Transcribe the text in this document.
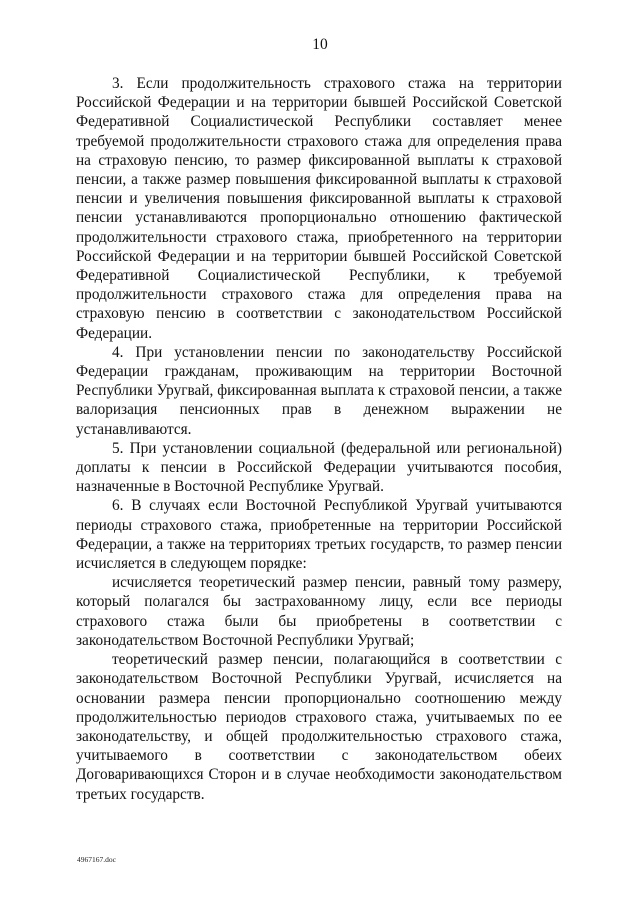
10

3. Если продолжительность страхового стажа на территории Российской Федерации и на территории бывшей Российской Советской Федеративной Социалистической Республики составляет менее требуемой продолжительности страхового стажа для определения права на страховую пенсию, то размер фиксированной выплаты к страховой пенсии, а также размер повышения фиксированной выплаты к страховой пенсии и увеличения повышения фиксированной выплаты к страховой пенсии устанавливаются пропорционально отношению фактической продолжительности страхового стажа, приобретенного на территории Российской Федерации и на территории бывшей Российской Советской Федеративной Социалистической Республики, к требуемой продолжительности страхового стажа для определения права на страховую пенсию в соответствии с законодательством Российской Федерации.

4. При установлении пенсии по законодательству Российской Федерации гражданам, проживающим на территории Восточной Республики Уругвай, фиксированная выплата к страховой пенсии, а также валоризация пенсионных прав в денежном выражении не устанавливаются.

5. При установлении социальной (федеральной или региональной) доплаты к пенсии в Российской Федерации учитываются пособия, назначенные в Восточной Республике Уругвай.

6. В случаях если Восточной Республикой Уругвай учитываются периоды страхового стажа, приобретенные на территории Российской Федерации, а также на территориях третьих государств, то размер пенсии исчисляется в следующем порядке:

исчисляется теоретический размер пенсии, равный тому размеру, который полагался бы застрахованному лицу, если все периоды страхового стажа были бы приобретены в соответствии с законодательством Восточной Республики Уругвай;

теоретический размер пенсии, полагающийся в соответствии с законодательством Восточной Республики Уругвай, исчисляется на основании размера пенсии пропорционально соотношению между продолжительностью периодов страхового стажа, учитываемых по ее законодательству, и общей продолжительностью страхового стажа, учитываемого в соответствии с законодательством обеих Договаривающихся Сторон и в случае необходимости законодательством третьих государств.

4967167.doc
